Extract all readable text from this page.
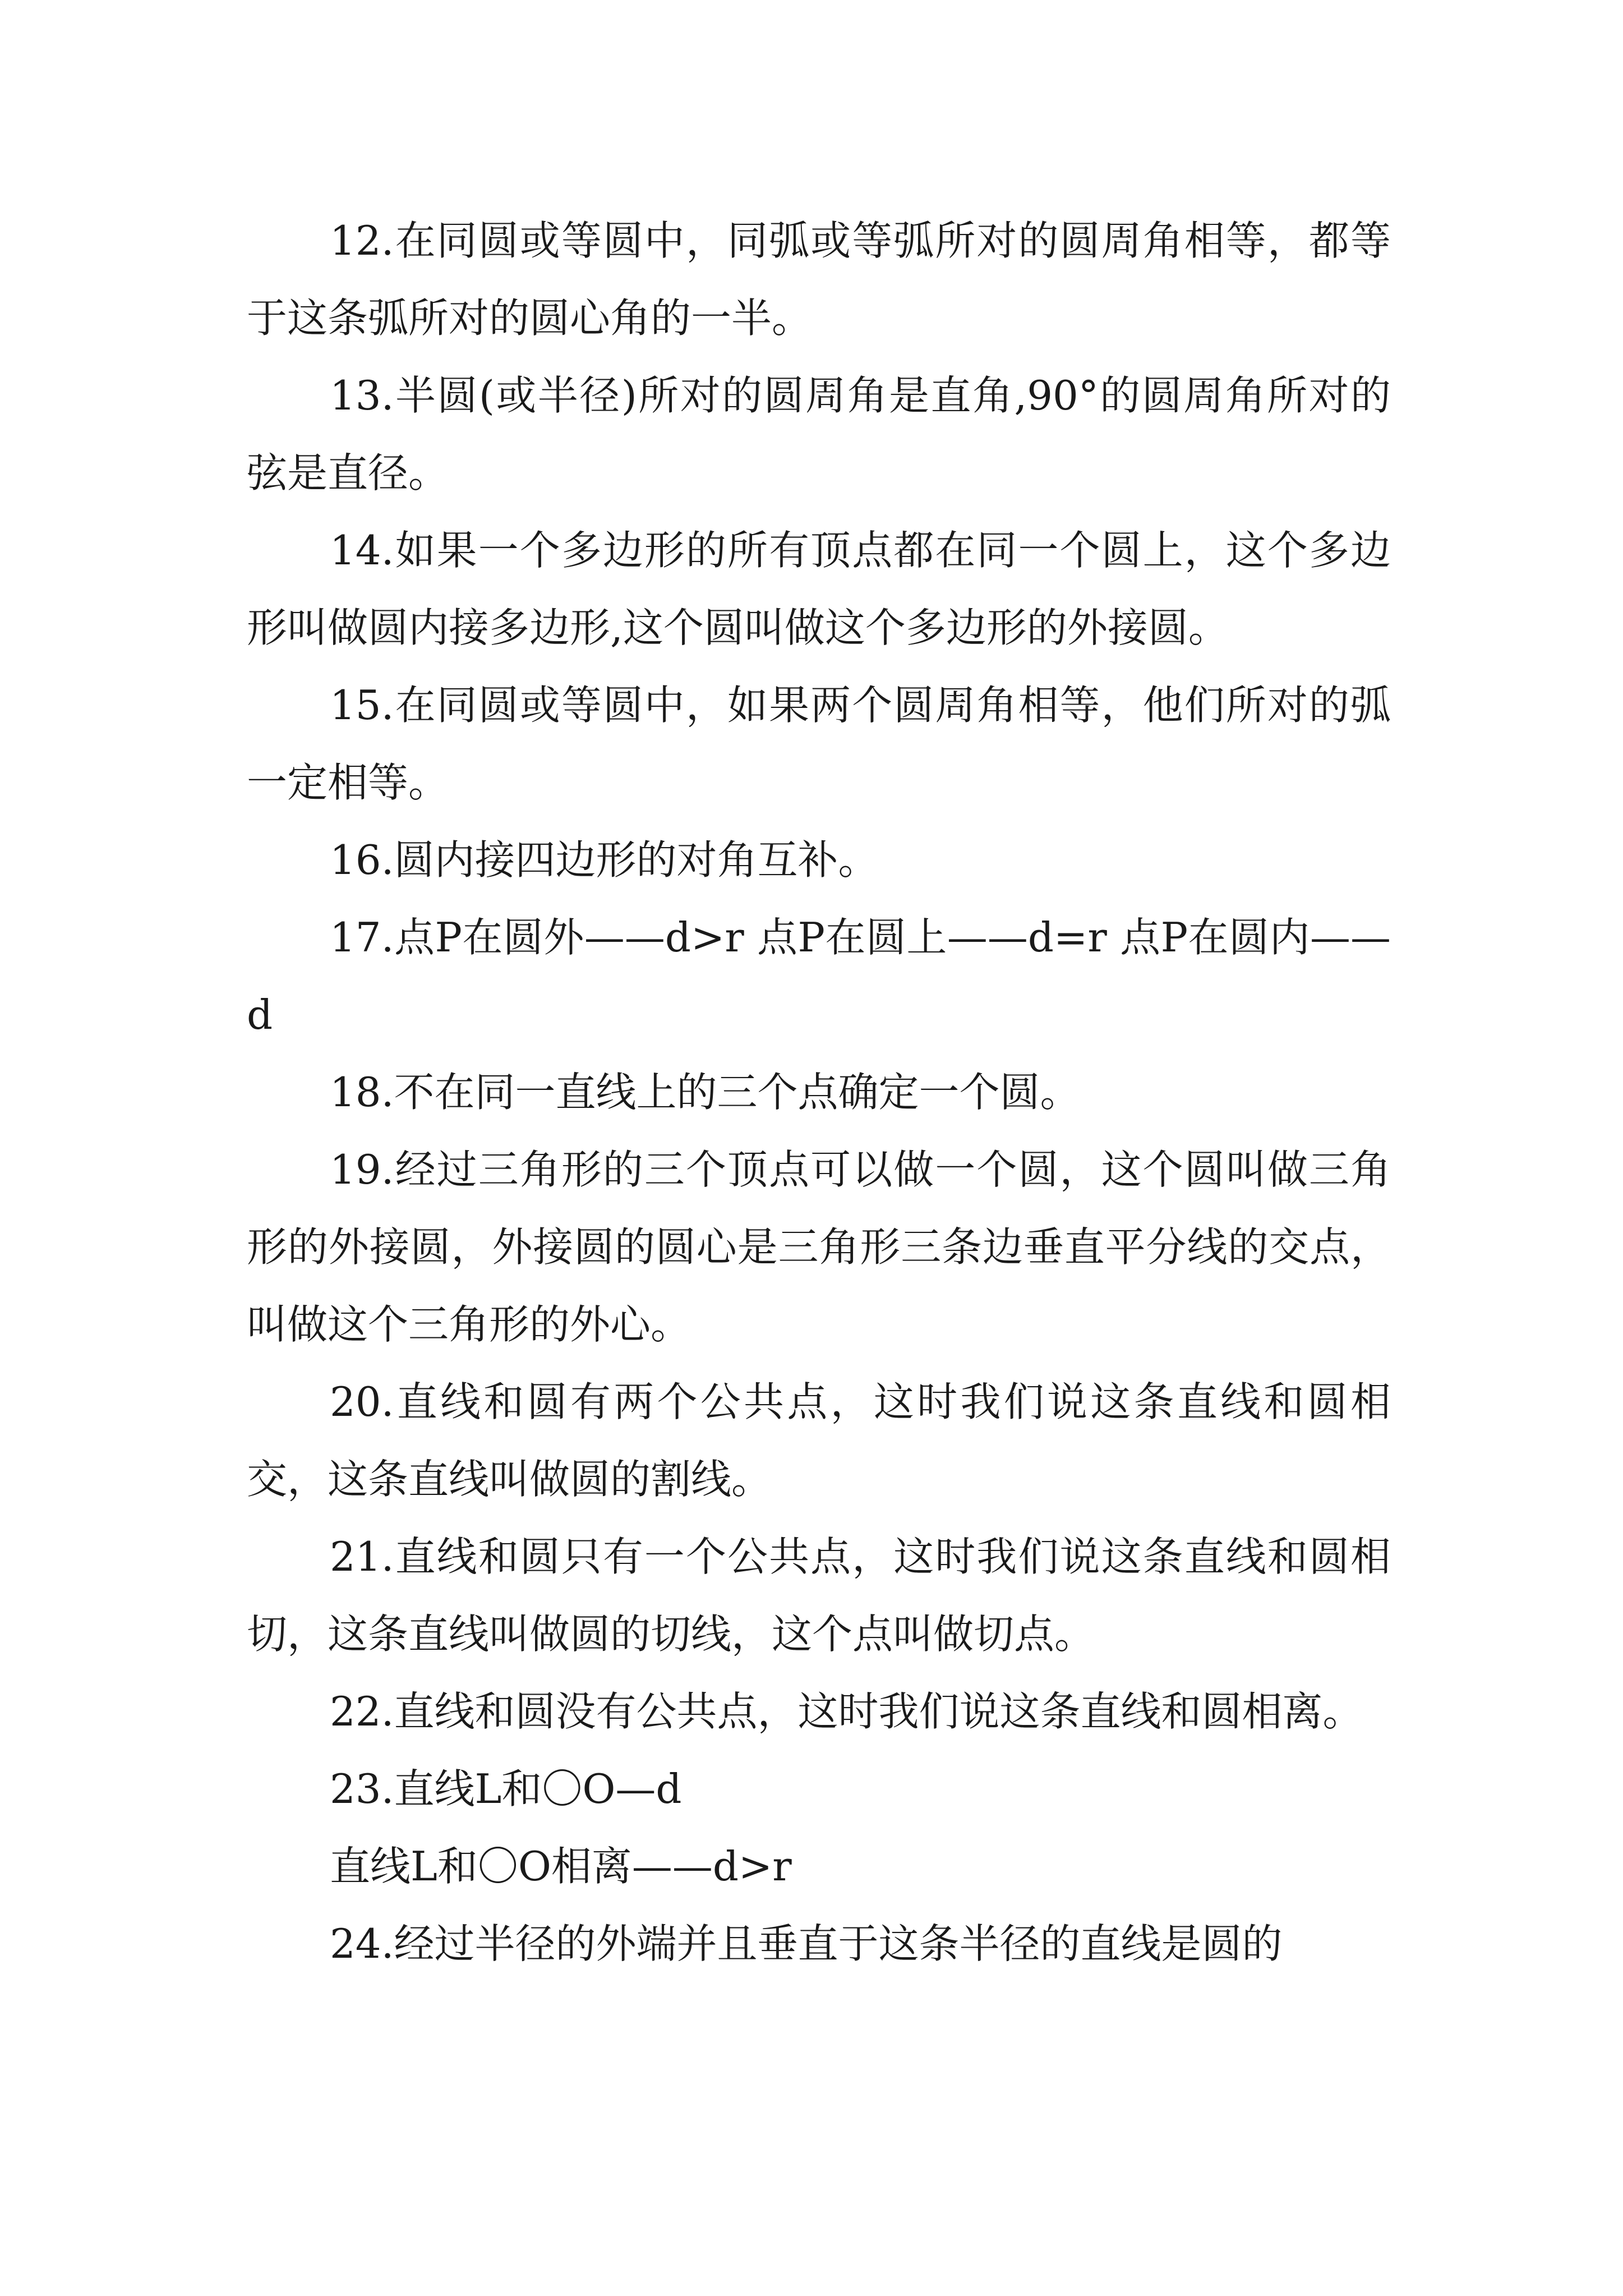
12.在同圆或等圆中，同弧或等弧所对的圆周角相等，都等于这条弧所对的圆心角的一半。

13.半圆(或半径)所对的圆周角是直角,90°的圆周角所对的弦是直径。

14.如果一个多边形的所有顶点都在同一个圆上，这个多边形叫做圆内接多边形,这个圆叫做这个多边形的外接圆。

15.在同圆或等圆中，如果两个圆周角相等，他们所对的弧一定相等。

16.圆内接四边形的对角互补。

17.点P在圆外——d>r 点P在圆上——d=r 点P在圆内——d

18.不在同一直线上的三个点确定一个圆。

19.经过三角形的三个顶点可以做一个圆，这个圆叫做三角形的外接圆，外接圆的圆心是三角形三条边垂直平分线的交点，叫做这个三角形的外心。

20.直线和圆有两个公共点，这时我们说这条直线和圆相交，这条直线叫做圆的割线。

21.直线和圆只有一个公共点，这时我们说这条直线和圆相切，这条直线叫做圆的切线，这个点叫做切点。

22.直线和圆没有公共点，这时我们说这条直线和圆相离。

23.直线L和〇O—d

直线L和〇O相离——d>r

24.经过半径的外端并且垂直于这条半径的直线是圆的
